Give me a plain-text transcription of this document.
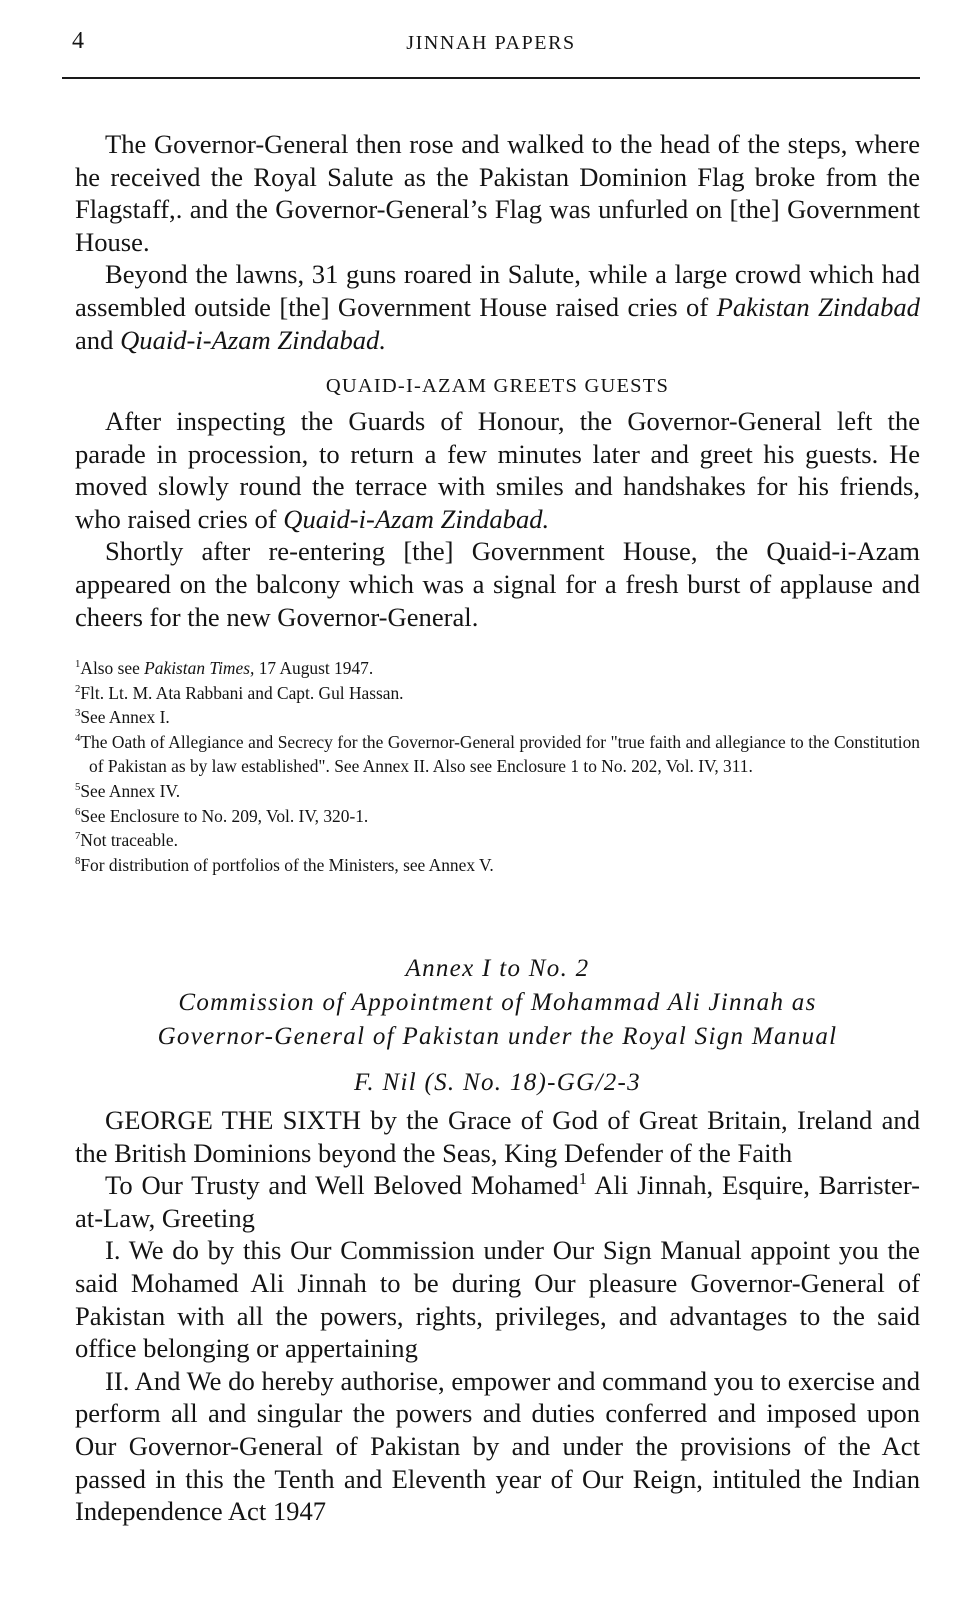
4	JINNAH PAPERS

The Governor-General then rose and walked to the head of the steps, where he received the Royal Salute as the Pakistan Dominion Flag broke from the Flagstaff,. and the Governor-General’s Flag was unfurled on [the] Government House.

Beyond the lawns, 31 guns roared in Salute, while a large crowd which had assembled outside [the] Government House raised cries of Pakistan Zindabad and Quaid-i-Azam Zindabad.

QUAID-I-AZAM GREETS GUESTS

After inspecting the Guards of Honour, the Governor-General left the parade in procession, to return a few minutes later and greet his guests. He moved slowly round the terrace with smiles and handshakes for his friends, who raised cries of Quaid-i-Azam Zindabad.

Shortly after re-entering [the] Government House, the Quaid-i-Azam appeared on the balcony which was a signal for a fresh burst of applause and cheers for the new Governor-General.

$^1$Also see Pakistan Times, 17 August 1947.
$^2$Flt. Lt. M. Ata Rabbani and Capt. Gul Hassan.
$^3$See Annex I.
$^4$The Oath of Allegiance and Secrecy for the Governor-General provided for "true faith and allegiance to the Constitution of Pakistan as by law established". See Annex II. Also see Enclosure 1 to No. 202, Vol. IV, 311.
$^5$See Annex IV.
$^6$See Enclosure to No. 209, Vol. IV, 320-1.
$^7$Not traceable.
$^8$For distribution of portfolios of the Ministers, see Annex V.
Annex I to No. 2
Commission of Appointment of Mohammad Ali Jinnah as
Governor-General of Pakistan under the Royal Sign Manual
F. Nil (S. No. 18)-GG/2-3

GEORGE THE SIXTH by the Grace of God of Great Britain, Ireland and the British Dominions beyond the Seas, King Defender of the Faith

To Our Trusty and Well Beloved Mohamed$^1$ Ali Jinnah, Esquire, Barrister-at-Law, Greeting

I. We do by this Our Commission under Our Sign Manual appoint you the said Mohamed Ali Jinnah to be during Our pleasure Governor-General of Pakistan with all the powers, rights, privileges, and advantages to the said office belonging or appertaining

II. And We do hereby authorise, empower and command you to exercise and perform all and singular the powers and duties conferred and imposed upon Our Governor-General of Pakistan by and under the provisions of the Act passed in this the Tenth and Eleventh year of Our Reign, intituled the Indian Independence Act 1947
